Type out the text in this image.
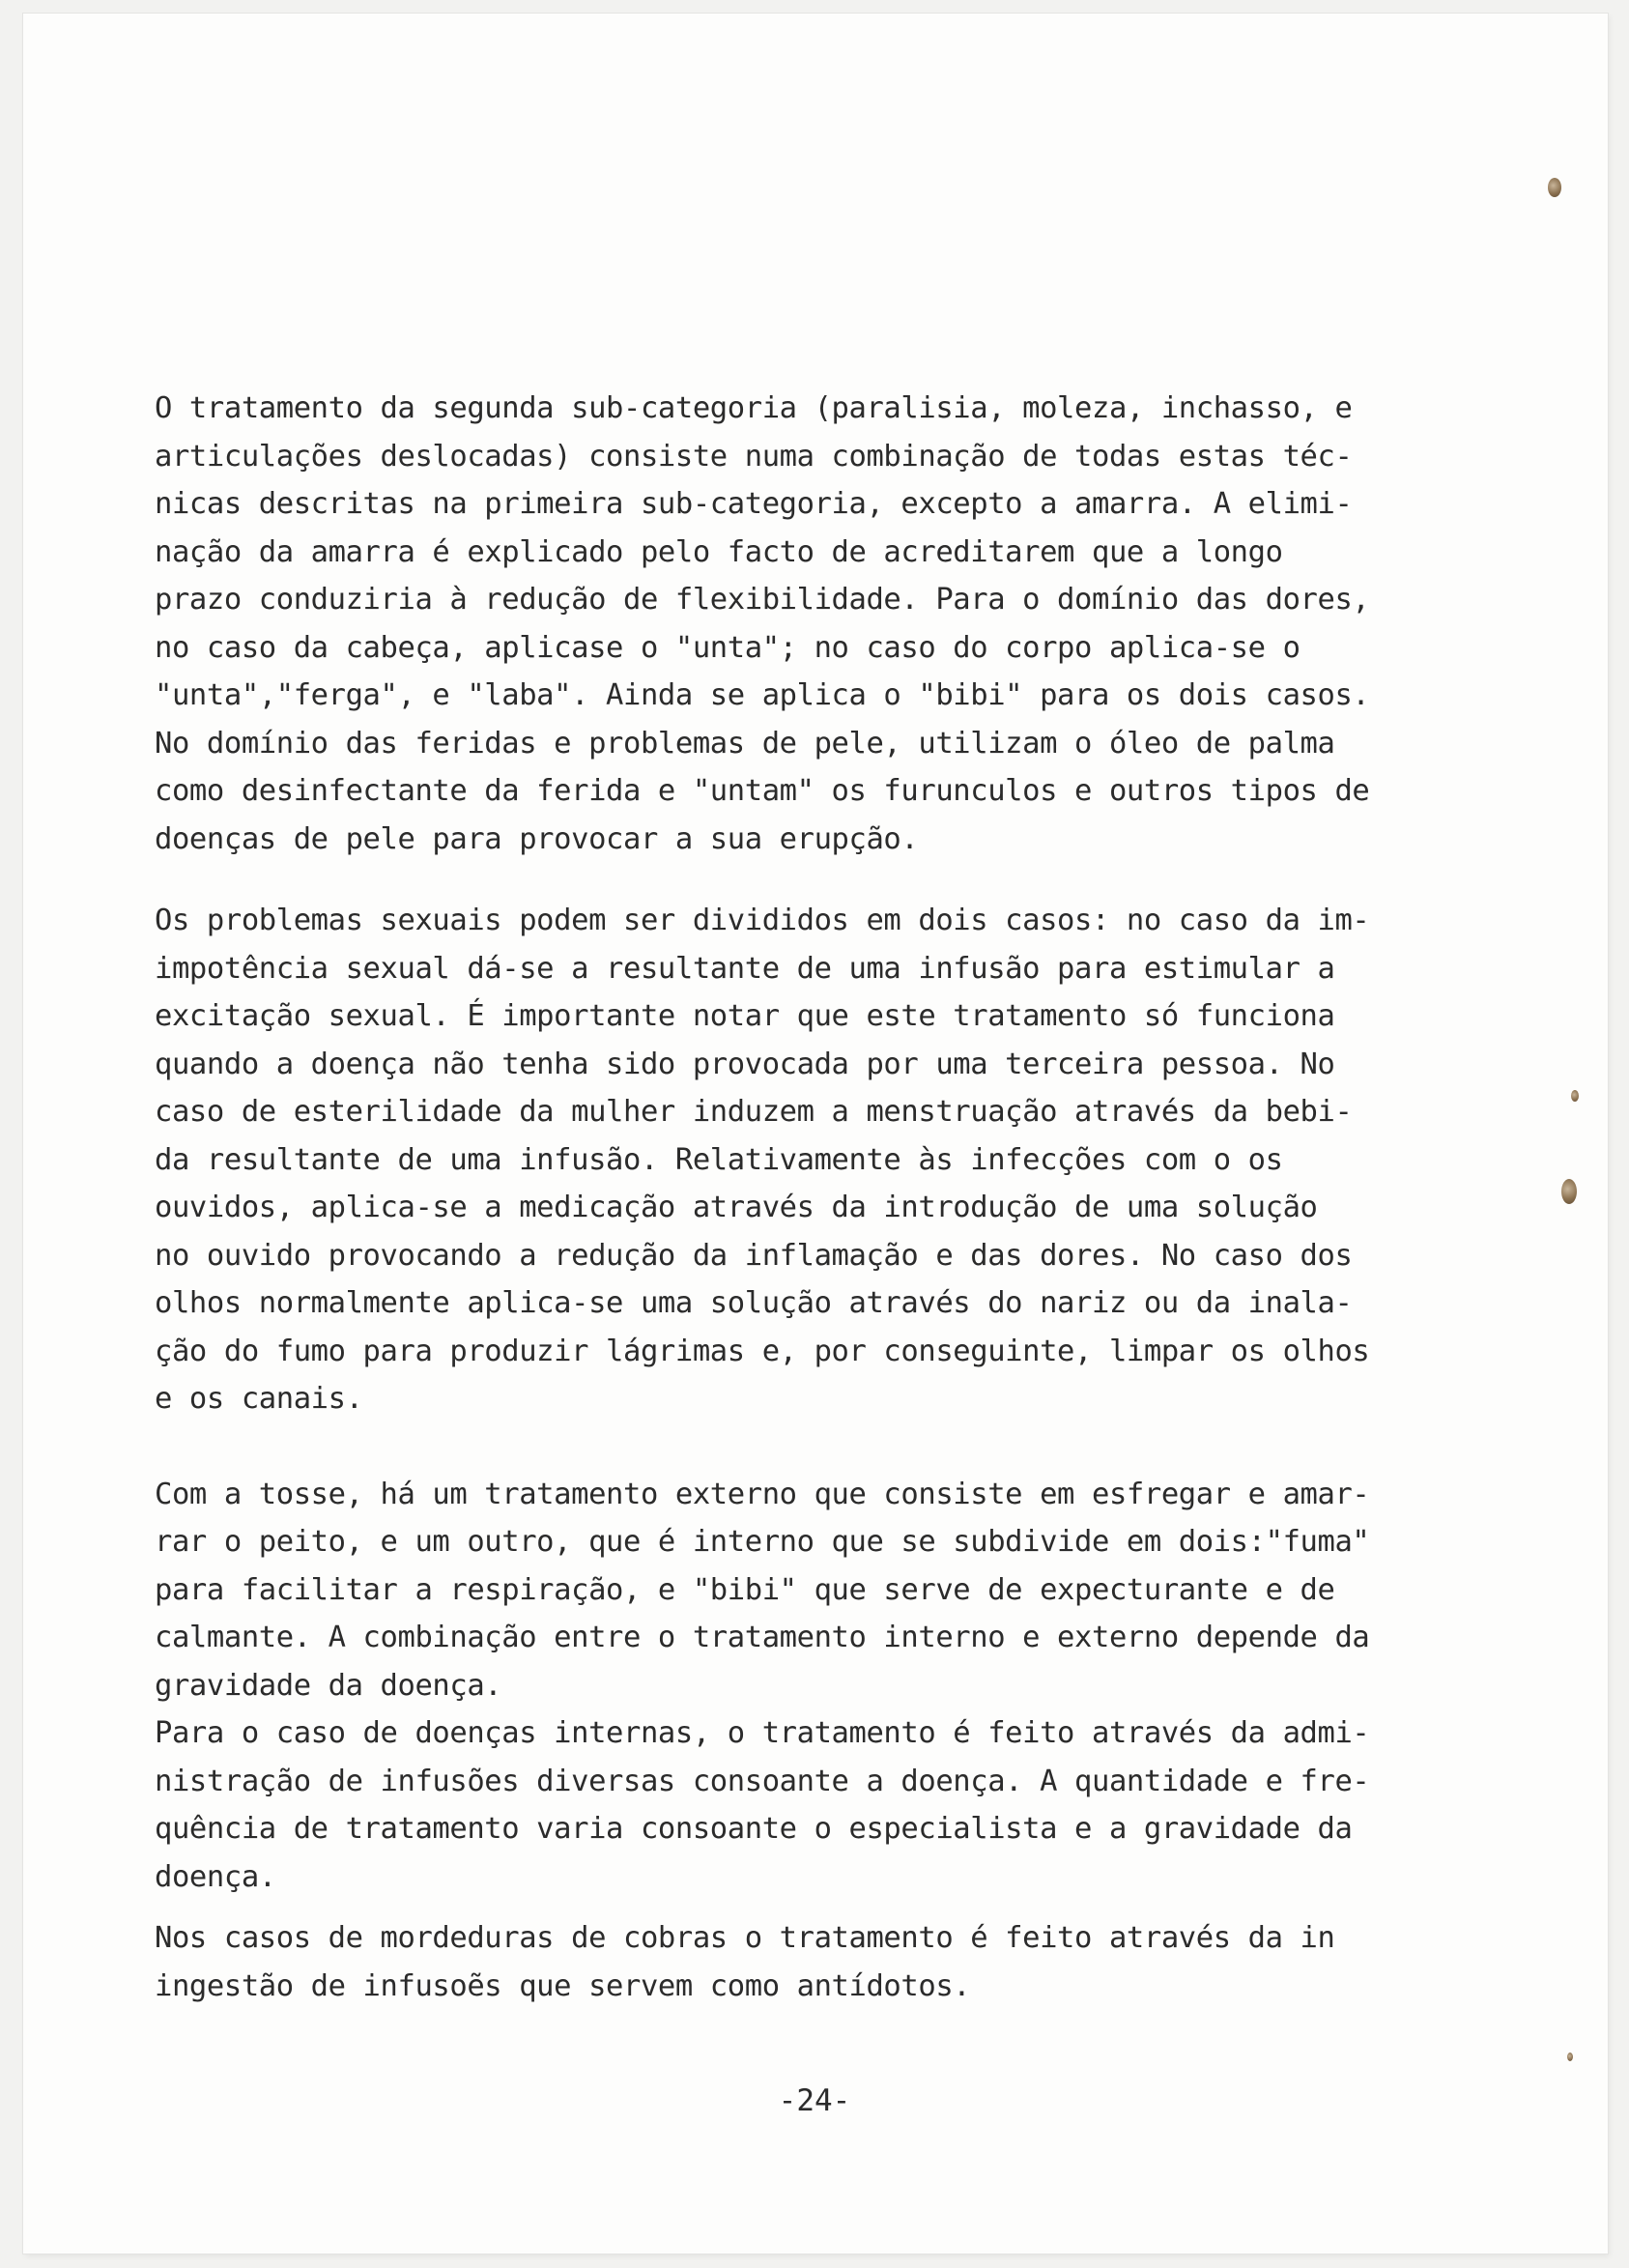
O tratamento da segunda sub-categoria (paralisia, moleza, inchasso, e
articulações deslocadas) consiste numa combinação de todas estas téc-
nicas descritas na primeira sub-categoria, excepto a amarra. A elimi-
nação da amarra é explicado pelo facto de acreditarem que a longo
prazo conduziria à redução de flexibilidade. Para o domínio das dores,
no caso da cabeça, aplicase o "unta"; no caso do corpo aplica-se o
"unta","ferga", e "laba". Ainda se aplica o "bibi" para os dois casos.
No domínio das feridas e problemas de pele, utilizam o óleo de palma
como desinfectante da ferida e "untam" os furunculos e outros tipos de
doenças de pele para provocar a sua erupção.

Os problemas sexuais podem ser divididos em dois casos: no caso da im-
impotência sexual dá-se a resultante de uma infusão para estimular a
excitação sexual. É importante notar que este tratamento só funciona
quando a doença não tenha sido provocada por uma terceira pessoa. No
caso de esterilidade da mulher induzem a menstruação através da bebi-
da resultante de uma infusão. Relativamente às infecções com o os
ouvidos, aplica-se a medicação através da introdução de uma solução
no ouvido provocando a redução da inflamação e das dores. No caso dos
olhos normalmente aplica-se uma solução através do nariz ou da inala-
ção do fumo para produzir lágrimas e, por conseguinte, limpar os olhos
e os canais.

Com a tosse, há um tratamento externo que consiste em esfregar e amar-
rar o peito, e um outro, que é interno que se subdivide em dois:"fuma"
para facilitar a respiração, e "bibi" que serve de expecturante e de
calmante. A combinação entre o tratamento interno e externo depende da
gravidade da doença.

Para o caso de doenças internas, o tratamento é feito através da admi-
nistração de infusões diversas consoante a doença. A quantidade e fre-
quência de tratamento varia consoante o especialista e a gravidade da
doença.

Nos casos de mordeduras de cobras o tratamento é feito através da in
ingestão de infusoẽs que servem como antídotos.

-24-
